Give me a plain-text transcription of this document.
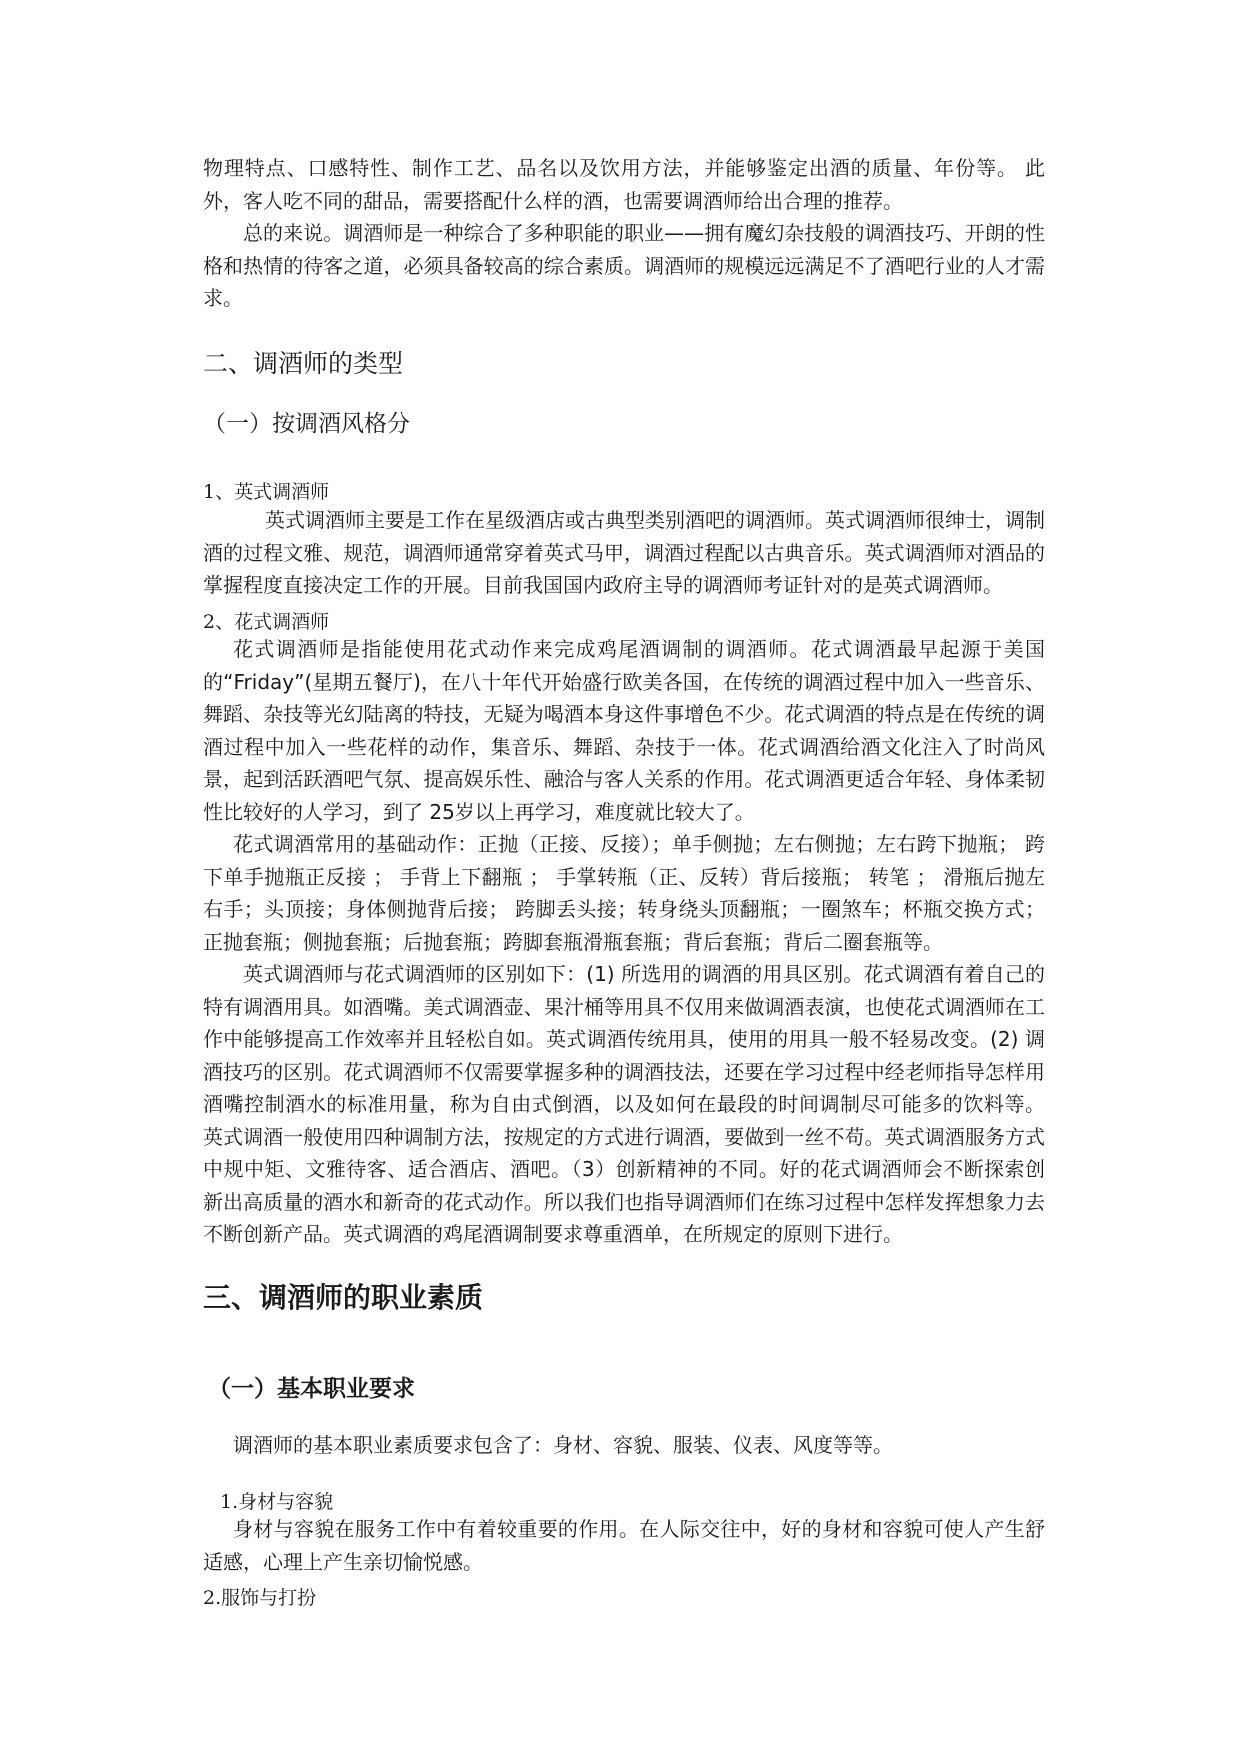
物理特点、口感特性、制作工艺、品名以及饮用方法，并能够鉴定出酒的质量、年份等。 此外，客人吃不同的甜品，需要搭配什么样的酒，也需要调酒师给出合理的推荐。

总的来说。调酒师是一种综合了多种职能的职业——拥有魔幻杂技般的调酒技巧、开朗的性格和热情的待客之道，必须具备较高的综合素质。调酒师的规模远远满足不了酒吧行业的人才需求。

二、调酒师的类型
（一）按调酒风格分
1、英式调酒师

英式调酒师主要是工作在星级酒店或古典型类别酒吧的调酒师。英式调酒师很绅士，调制酒的过程文雅、规范，调酒师通常穿着英式马甲，调酒过程配以古典音乐。英式调酒师对酒品的掌握程度直接决定工作的开展。目前我国国内政府主导的调酒师考证针对的是英式调酒师。

2、花式调酒师

花式调酒师是指能使用花式动作来完成鸡尾酒调制的调酒师。花式调酒最早起源于美国的“Friday”(星期五餐厅)，在八十年代开始盛行欧美各国，在传统的调酒过程中加入一些音乐、舞蹈、杂技等光幻陆离的特技，无疑为喝酒本身这件事增色不少。花式调酒的特点是在传统的调酒过程中加入一些花样的动作，集音乐、舞蹈、杂技于一体。花式调酒给酒文化注入了时尚风景，起到活跃酒吧气氛、提高娱乐性、融洽与客人关系的作用。花式调酒更适合年轻、身体柔韧性比较好的人学习，到了 25岁以上再学习，难度就比较大了。

花式调酒常用的基础动作：正抛（正接、反接）；单手侧抛；左右侧抛；左右跨下抛瓶； 跨下单手抛瓶正反接 ； 手背上下翻瓶 ； 手掌转瓶（正、反转）背后接瓶； 转笔 ； 滑瓶后抛左右手；头顶接；身体侧抛背后接； 跨脚丢头接；转身绕头顶翻瓶；一圈煞车；杯瓶交换方式；正抛套瓶；侧抛套瓶；后抛套瓶；跨脚套瓶滑瓶套瓶；背后套瓶；背后二圈套瓶等。

英式调酒师与花式调酒师的区别如下：(1) 所选用的调酒的用具区别。花式调酒有着自己的特有调酒用具。如酒嘴。美式调酒壶、果汁桶等用具不仅用来做调酒表演，也使花式调酒师在工作中能够提高工作效率并且轻松自如。英式调酒传统用具，使用的用具一般不轻易改变。(2) 调酒技巧的区别。花式调酒师不仅需要掌握多种的调酒技法，还要在学习过程中经老师指导怎样用酒嘴控制酒水的标准用量，称为自由式倒酒，以及如何在最段的时间调制尽可能多的饮料等。 英式调酒一般使用四种调制方法，按规定的方式进行调酒，要做到一丝不苟。英式调酒服务方式中规中矩、文雅待客、适合酒店、酒吧。（3）创新精神的不同。好的花式调酒师会不断探索创新出高质量的酒水和新奇的花式动作。所以我们也指导调酒师们在练习过程中怎样发挥想象力去不断创新产品。英式调酒的鸡尾酒调制要求尊重酒单，在所规定的原则下进行。

三、调酒师的职业素质
（一）基本职业要求

调酒师的基本职业素质要求包含了：身材、容貌、服装、仪表、风度等等。

1.身材与容貌

身材与容貌在服务工作中有着较重要的作用。在人际交往中，好的身材和容貌可使人产生舒适感，心理上产生亲切愉悦感。

2.服饰与打扮
